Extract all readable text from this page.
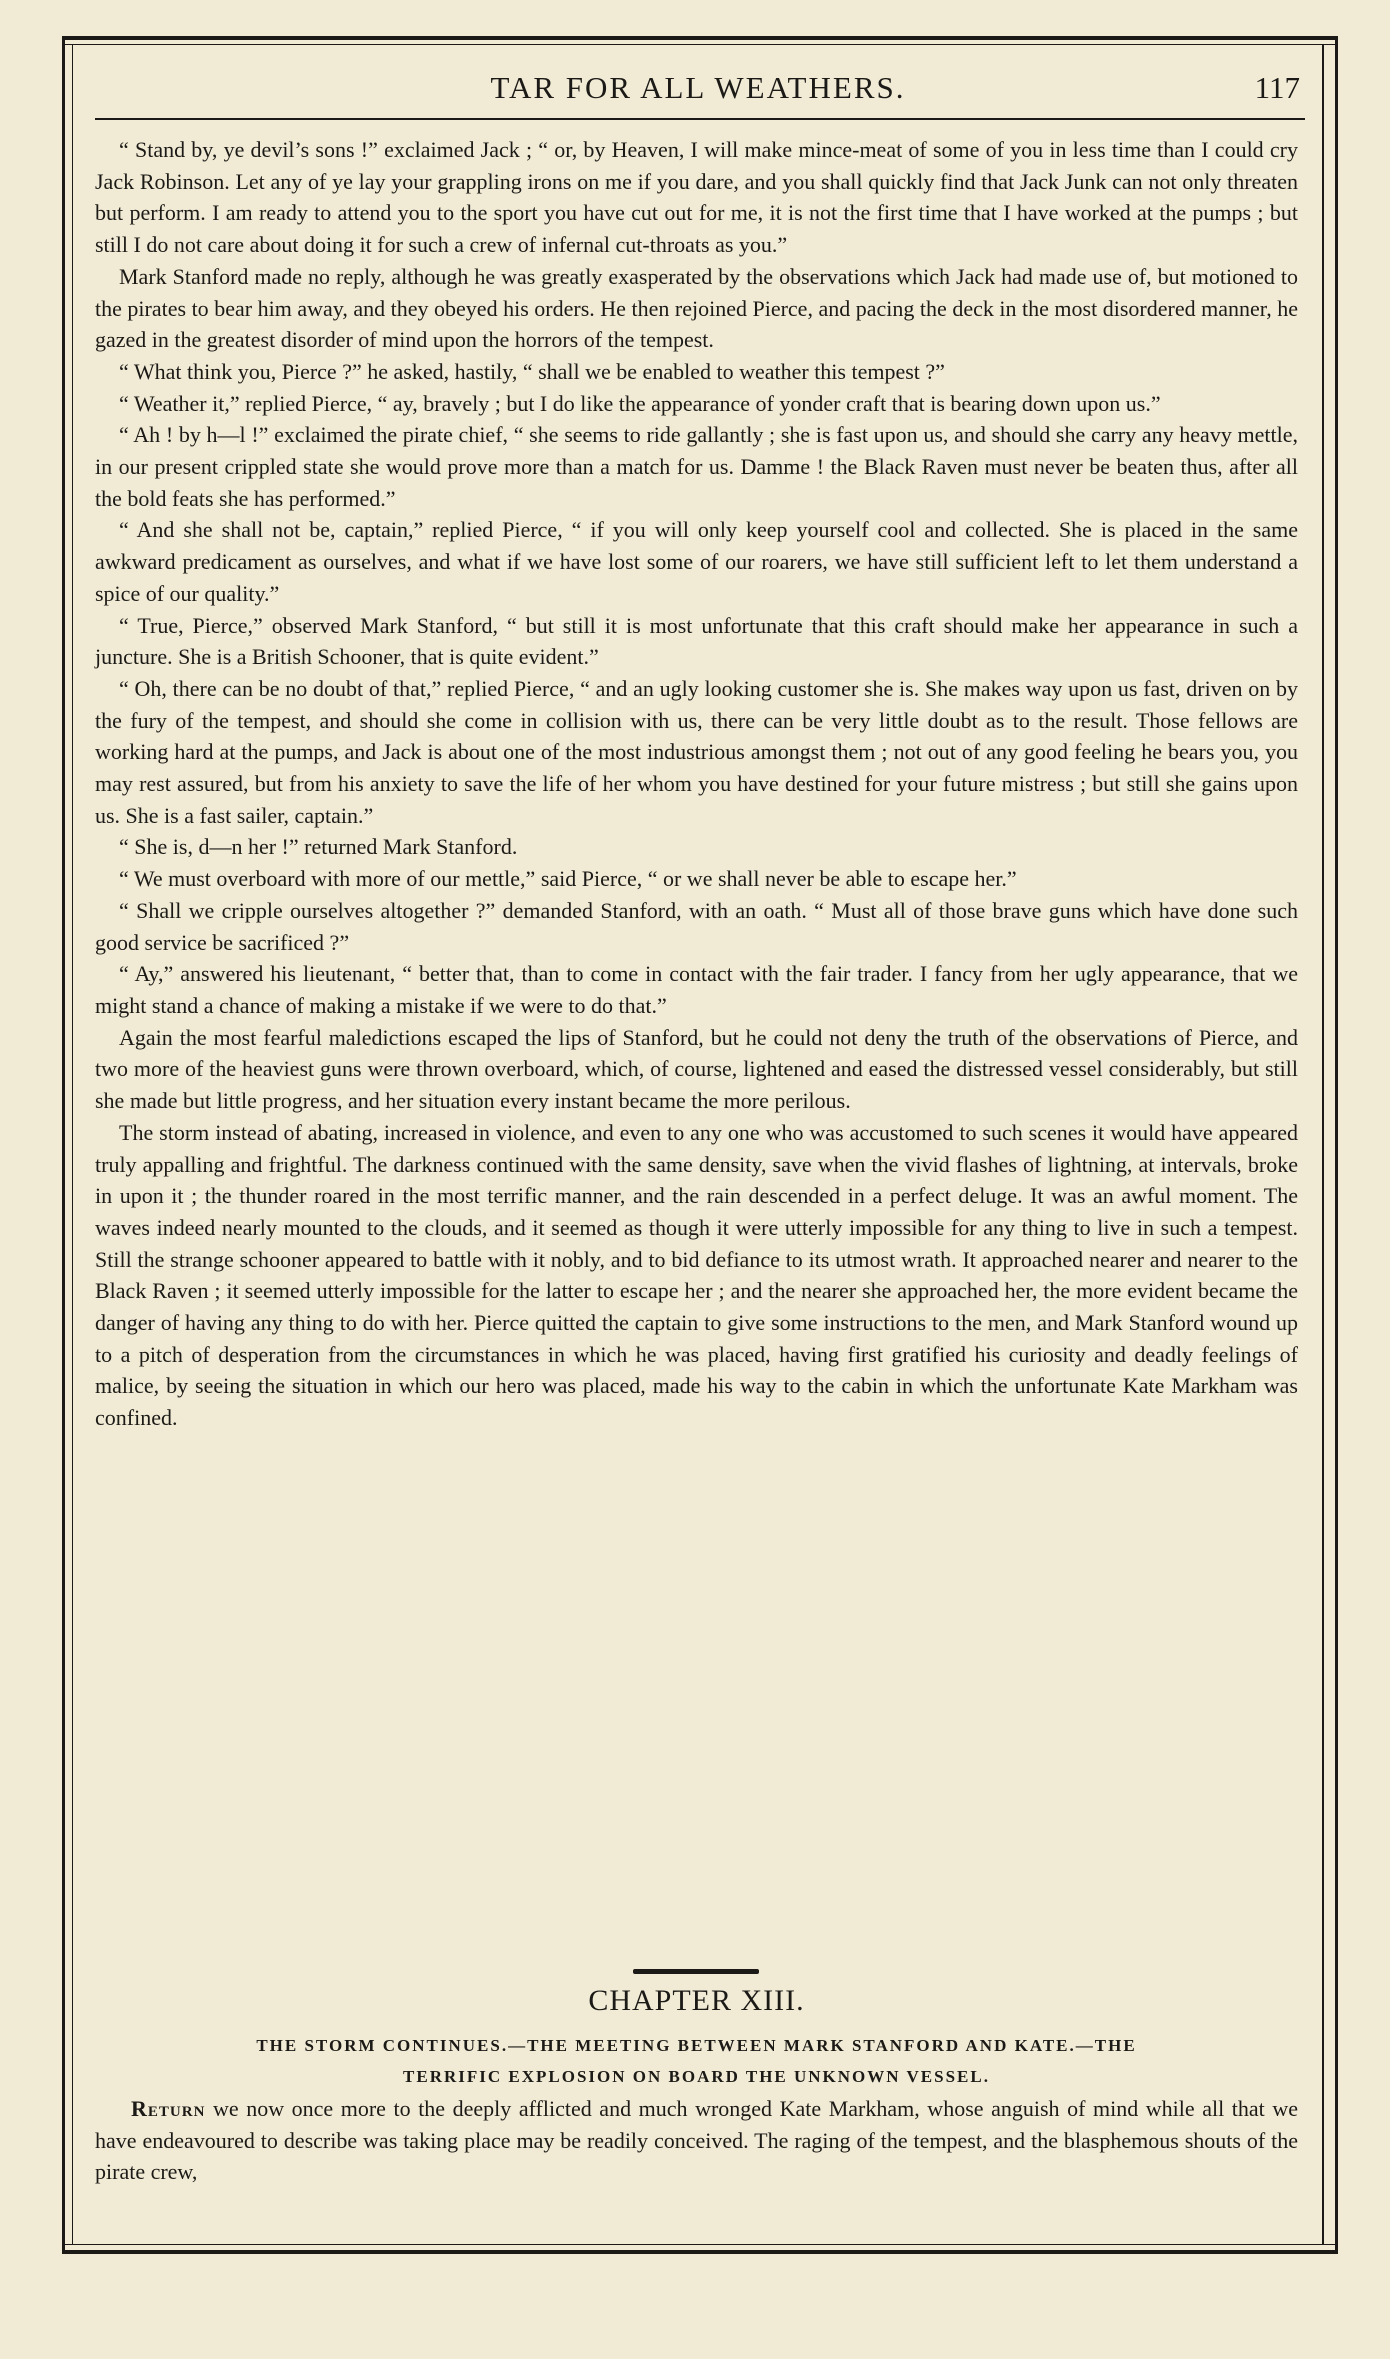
TAR FOR ALL WEATHERS.	117

“ Stand by, ye devil’s sons !” exclaimed Jack ; “ or, by Heaven, I will make mince-meat of some of you in less time than I could cry Jack Robinson. Let any of ye lay your grappling irons on me if you dare, and you shall quickly find that Jack Junk can not only threaten but perform. I am ready to attend you to the sport you have cut out for me, it is not the first time that I have worked at the pumps ; but still I do not care about doing it for such a crew of infernal cut-throats as you.”

Mark Stanford made no reply, although he was greatly exasperated by the observations which Jack had made use of, but motioned to the pirates to bear him away, and they obeyed his orders. He then rejoined Pierce, and pacing the deck in the most disordered manner, he gazed in the greatest disorder of mind upon the horrors of the tempest.

“ What think you, Pierce ?” he asked, hastily, “ shall we be enabled to weather this tempest ?”

“ Weather it,” replied Pierce, “ ay, bravely ; but I do like the appearance of yonder craft that is bearing down upon us.”

“ Ah ! by h—l !” exclaimed the pirate chief, “ she seems to ride gallantly ; she is fast upon us, and should she carry any heavy mettle, in our present crippled state she would prove more than a match for us. Damme ! the Black Raven must never be beaten thus, after all the bold feats she has performed.”

“ And she shall not be, captain,” replied Pierce, “ if you will only keep yourself cool and collected. She is placed in the same awkward predicament as ourselves, and what if we have lost some of our roarers, we have still sufficient left to let them understand a spice of our quality.”

“ True, Pierce,” observed Mark Stanford, “ but still it is most unfortunate that this craft should make her appearance in such a juncture. She is a British Schooner, that is quite evident.”

“ Oh, there can be no doubt of that,” replied Pierce, “ and an ugly looking customer she is. She makes way upon us fast, driven on by the fury of the tempest, and should she come in collision with us, there can be very little doubt as to the result. Those fellows are working hard at the pumps, and Jack is about one of the most industrious amongst them ; not out of any good feeling he bears you, you may rest assured, but from his anxiety to save the life of her whom you have destined for your future mistress ; but still she gains upon us. She is a fast sailer, captain.”

“ She is, d—n her !” returned Mark Stanford.

“ We must overboard with more of our mettle,” said Pierce, “ or we shall never be able to escape her.”

“ Shall we cripple ourselves altogether ?” demanded Stanford, with an oath. “ Must all of those brave guns which have done such good service be sacrificed ?”

“ Ay,” answered his lieutenant, “ better that, than to come in contact with the fair trader. I fancy from her ugly appearance, that we might stand a chance of making a mistake if we were to do that.”

Again the most fearful maledictions escaped the lips of Stanford, but he could not deny the truth of the observations of Pierce, and two more of the heaviest guns were thrown overboard, which, of course, lightened and eased the distressed vessel considerably, but still she made but little progress, and her situation every instant became the more perilous.

The storm instead of abating, increased in violence, and even to any one who was accustomed to such scenes it would have appeared truly appalling and frightful. The darkness continued with the same density, save when the vivid flashes of lightning, at intervals, broke in upon it ; the thunder roared in the most terrific manner, and the rain descended in a perfect deluge. It was an awful moment. The waves indeed nearly mounted to the clouds, and it seemed as though it were utterly impossible for any thing to live in such a tempest. Still the strange schooner appeared to battle with it nobly, and to bid defiance to its utmost wrath. It approached nearer and nearer to the Black Raven ; it seemed utterly impossible for the latter to escape her ; and the nearer she approached her, the more evident became the danger of having any thing to do with her. Pierce quitted the captain to give some instructions to the men, and Mark Stanford wound up to a pitch of desperation from the circumstances in which he was placed, having first gratified his curiosity and deadly feelings of malice, by seeing the situation in which our hero was placed, made his way to the cabin in which the unfortunate Kate Markham was confined.

CHAPTER XIII.
THE STORM CONTINUES.—THE MEETING BETWEEN MARK STANFORD AND KATE.—THE
TERRIFIC EXPLOSION ON BOARD THE UNKNOWN VESSEL.

Return we now once more to the deeply afflicted and much wronged Kate Markham, whose anguish of mind while all that we have endeavoured to describe was taking place may be readily conceived. The raging of the tempest, and the blasphemous shouts of the pirate crew,
